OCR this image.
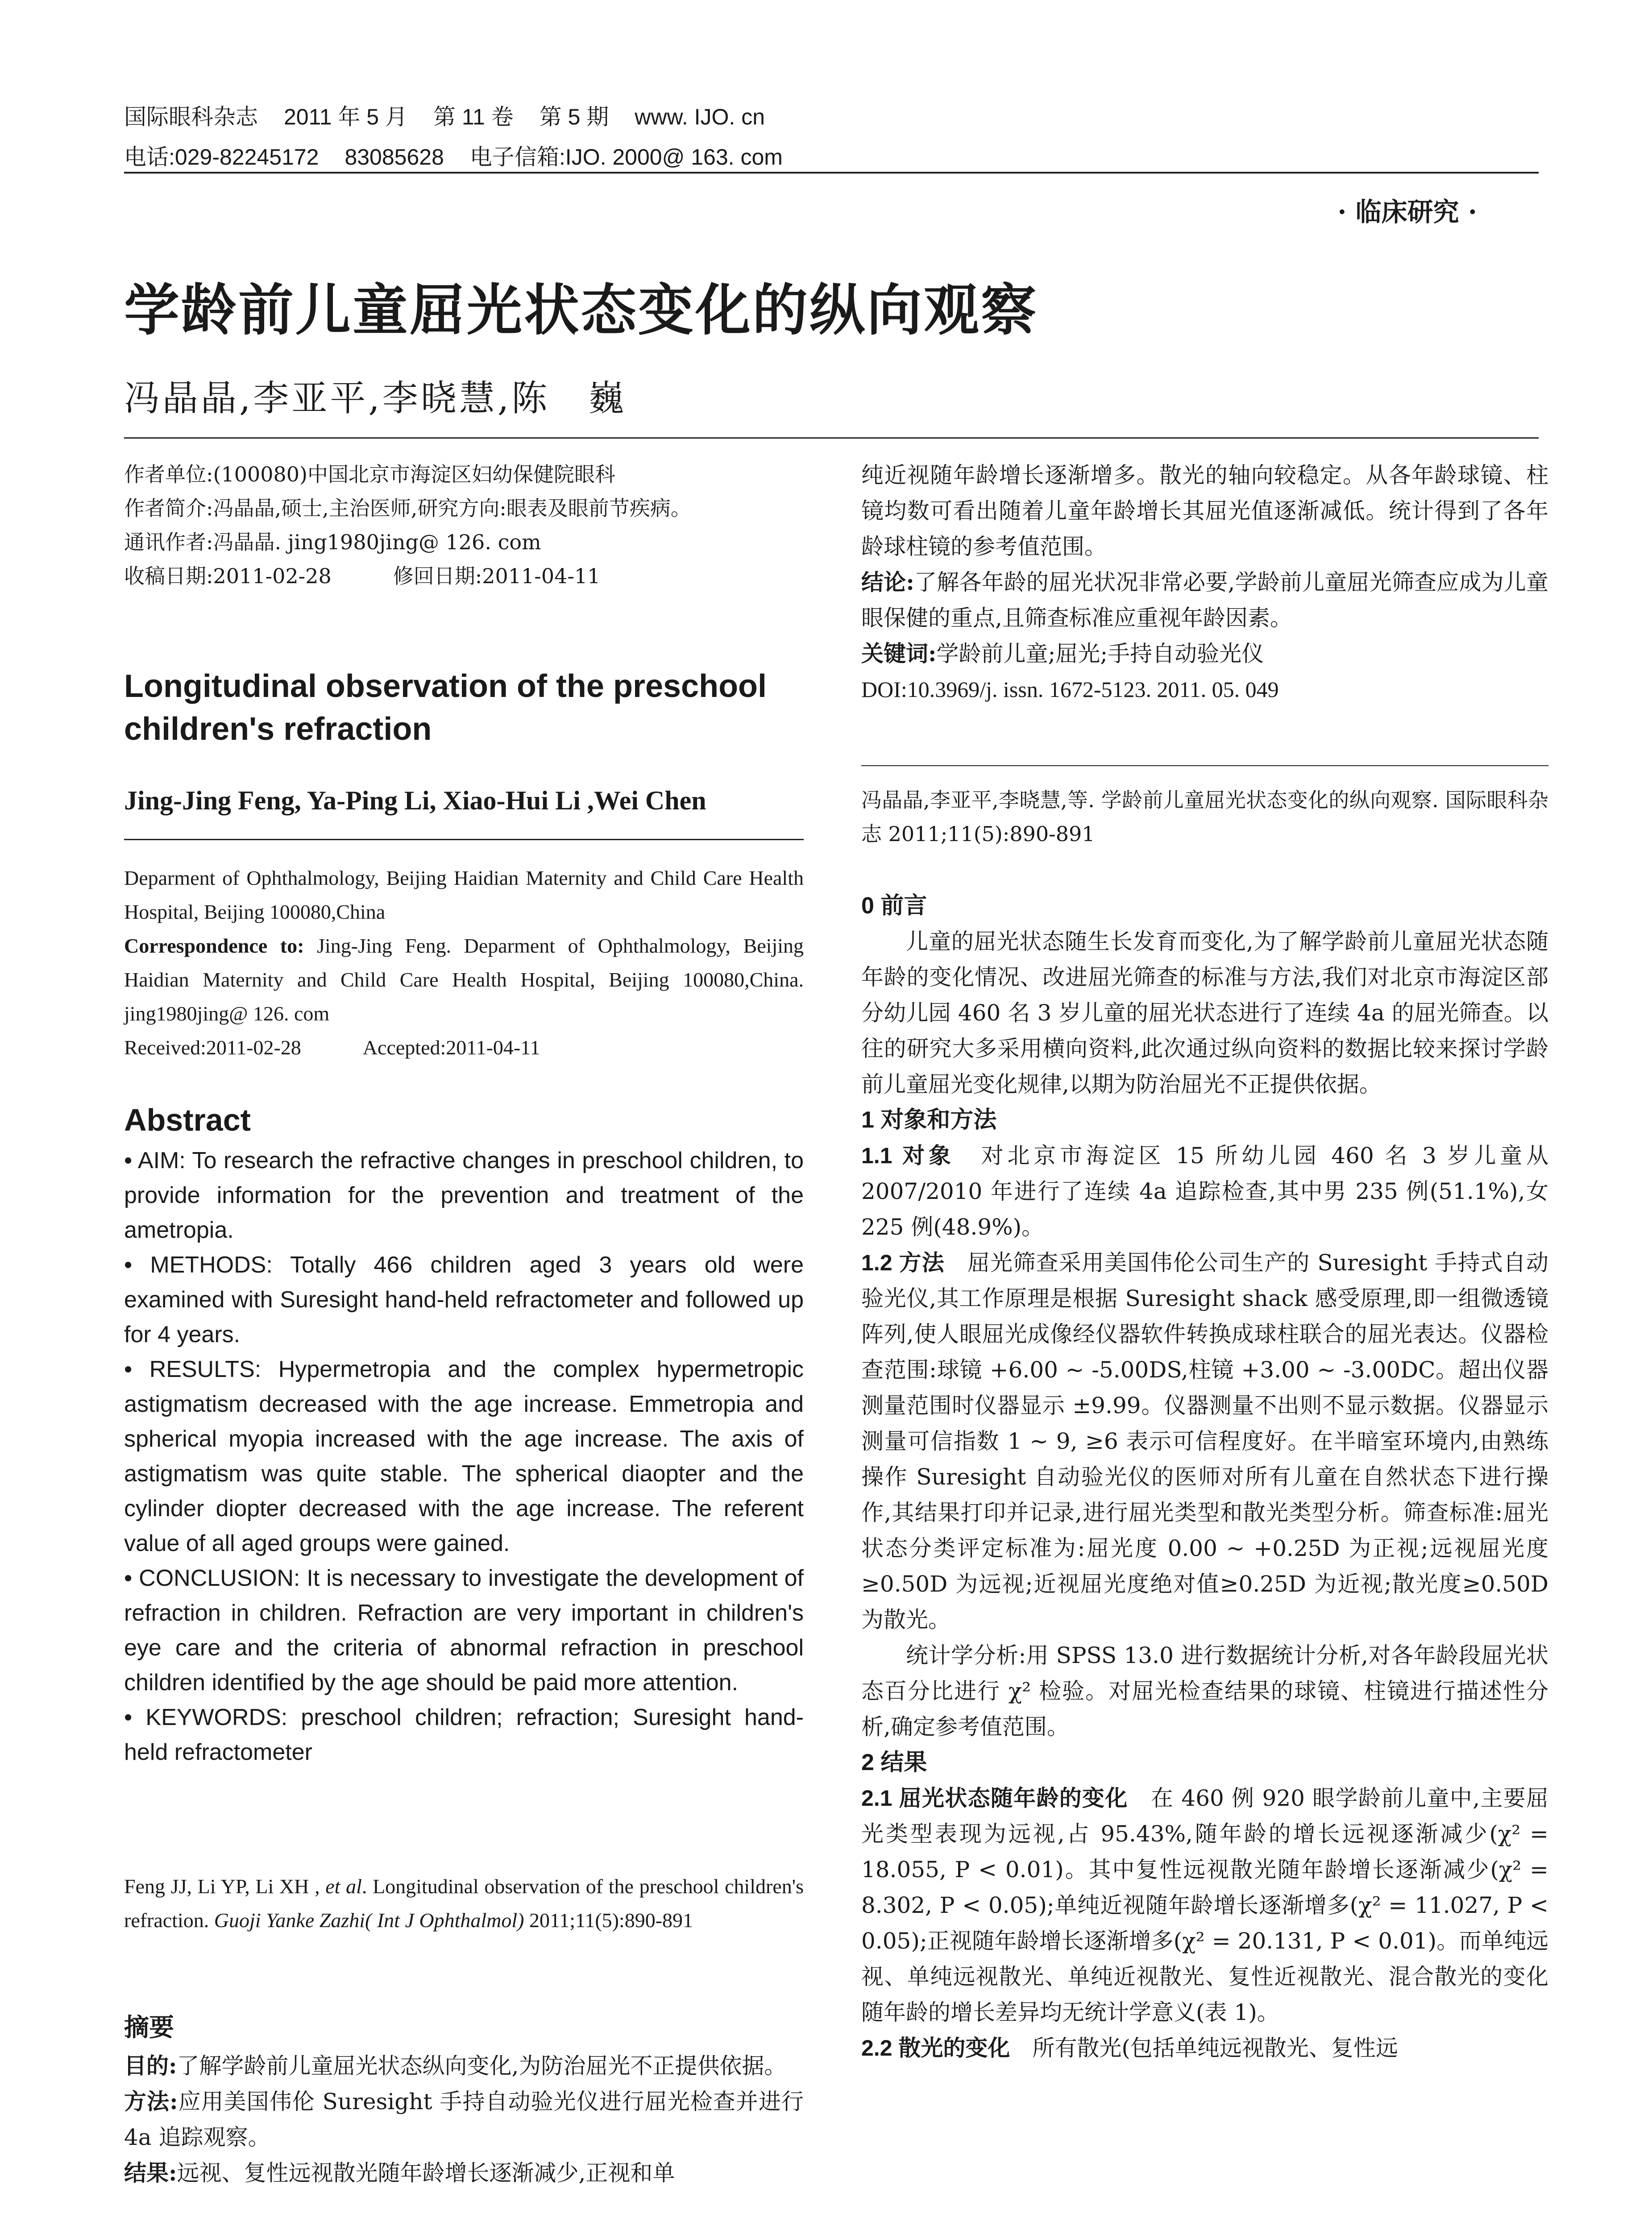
国际眼科杂志 2011 年 5 月 第 11 卷 第 5 期 www. IJO. cn
电话:029-82245172 83085628 电子信箱:IJO. 2000@ 163. com
· 临床研究 ·
学龄前儿童屈光状态变化的纵向观察
冯晶晶,李亚平,李晓慧,陈　巍

作者单位:(100080)中国北京市海淀区妇幼保健院眼科

作者简介:冯晶晶,硕士,主治医师,研究方向:眼表及眼前节疾病。

通讯作者:冯晶晶. jing1980jing@ 126. com

收稿日期:2011-02-28　　　修回日期:2011-04-11

Longitudinal observation of the preschool children's refraction
Jing-Jing Feng, Ya-Ping Li, Xiao-Hui Li ,Wei Chen

Deparment of Ophthalmology, Beijing Haidian Maternity and Child Care Health Hospital, Beijing 100080,China

Correspondence to: Jing-Jing Feng. Deparment of Ophthalmology, Beijing Haidian Maternity and Child Care Health Hospital, Beijing 100080,China. jing1980jing@ 126. com

Received:2011-02-28　　　Accepted:2011-04-11

Abstract

• AIM: To research the refractive changes in preschool children, to provide information for the prevention and treatment of the ametropia.

• METHODS: Totally 466 children aged 3 years old were examined with Suresight hand-held refractometer and followed up for 4 years.

• RESULTS: Hypermetropia and the complex hypermetropic astigmatism decreased with the age increase. Emmetropia and spherical myopia increased with the age increase. The axis of astigmatism was quite stable. The spherical diaopter and the cylinder diopter decreased with the age increase. The referent value of all aged groups were gained.

• CONCLUSION: It is necessary to investigate the development of refraction in children. Refraction are very important in children's eye care and the criteria of abnormal refraction in preschool children identified by the age should be paid more attention.

• KEYWORDS: preschool children; refraction; Suresight hand-held refractometer

Feng JJ, Li YP, Li XH , et al. Longitudinal observation of the preschool children's refraction. Guoji Yanke Zazhi( Int J Ophthalmol) 2011;11(5):890-891

摘要

目的:了解学龄前儿童屈光状态纵向变化,为防治屈光不正提供依据。

方法:应用美国伟伦 Suresight 手持自动验光仪进行屈光检查并进行 4a 追踪观察。

结果:远视、复性远视散光随年龄增长逐渐减少,正视和单

纯近视随年龄增长逐渐增多。散光的轴向较稳定。从各年龄球镜、柱镜均数可看出随着儿童年龄增长其屈光值逐渐减低。统计得到了各年龄球柱镜的参考值范围。

结论:了解各年龄的屈光状况非常必要,学龄前儿童屈光筛查应成为儿童眼保健的重点,且筛查标准应重视年龄因素。

关键词:学龄前儿童;屈光;手持自动验光仪

DOI:10.3969/j. issn. 1672-5123. 2011. 05. 049

冯晶晶,李亚平,李晓慧,等. 学龄前儿童屈光状态变化的纵向观察. 国际眼科杂志 2011;11(5):890-891

0 前言

儿童的屈光状态随生长发育而变化,为了解学龄前儿童屈光状态随年龄的变化情况、改进屈光筛查的标准与方法,我们对北京市海淀区部分幼儿园 460 名 3 岁儿童的屈光状态进行了连续 4a 的屈光筛查。以往的研究大多采用横向资料,此次通过纵向资料的数据比较来探讨学龄前儿童屈光变化规律,以期为防治屈光不正提供依据。

1 对象和方法

1.1 对象　对北京市海淀区 15 所幼儿园 460 名 3 岁儿童从 2007/2010 年进行了连续 4a 追踪检查,其中男 235 例(51.1%),女 225 例(48.9%)。

1.2 方法　屈光筛查采用美国伟伦公司生产的 Suresight 手持式自动验光仪,其工作原理是根据 Suresight shack 感受原理,即一组微透镜阵列,使人眼屈光成像经仪器软件转换成球柱联合的屈光表达。仪器检查范围:球镜 +6.00 ~ -5.00DS,柱镜 +3.00 ~ -3.00DC。超出仪器测量范围时仪器显示 ±9.99。仪器测量不出则不显示数据。仪器显示测量可信指数 1 ~ 9, ≥6 表示可信程度好。在半暗室环境内,由熟练操作 Suresight 自动验光仪的医师对所有儿童在自然状态下进行操作,其结果打印并记录,进行屈光类型和散光类型分析。筛查标准:屈光状态分类评定标准为:屈光度 0.00 ~ +0.25D 为正视;远视屈光度≥0.50D 为远视;近视屈光度绝对值≥0.25D 为近视;散光度≥0.50D 为散光。

统计学分析:用 SPSS 13.0 进行数据统计分析,对各年龄段屈光状态百分比进行 χ² 检验。对屈光检查结果的球镜、柱镜进行描述性分析,确定参考值范围。

2 结果

2.1 屈光状态随年龄的变化　在 460 例 920 眼学龄前儿童中,主要屈光类型表现为远视,占 95.43%,随年龄的增长远视逐渐减少(χ² = 18.055, P < 0.01)。其中复性远视散光随年龄增长逐渐减少(χ² = 8.302, P < 0.05);单纯近视随年龄增长逐渐增多(χ² = 11.027, P < 0.05);正视随年龄增长逐渐增多(χ² = 20.131, P < 0.01)。而单纯远视、单纯远视散光、单纯近视散光、复性近视散光、混合散光的变化随年龄的增长差异均无统计学意义(表 1)。

2.2 散光的变化　所有散光(包括单纯远视散光、复性远
